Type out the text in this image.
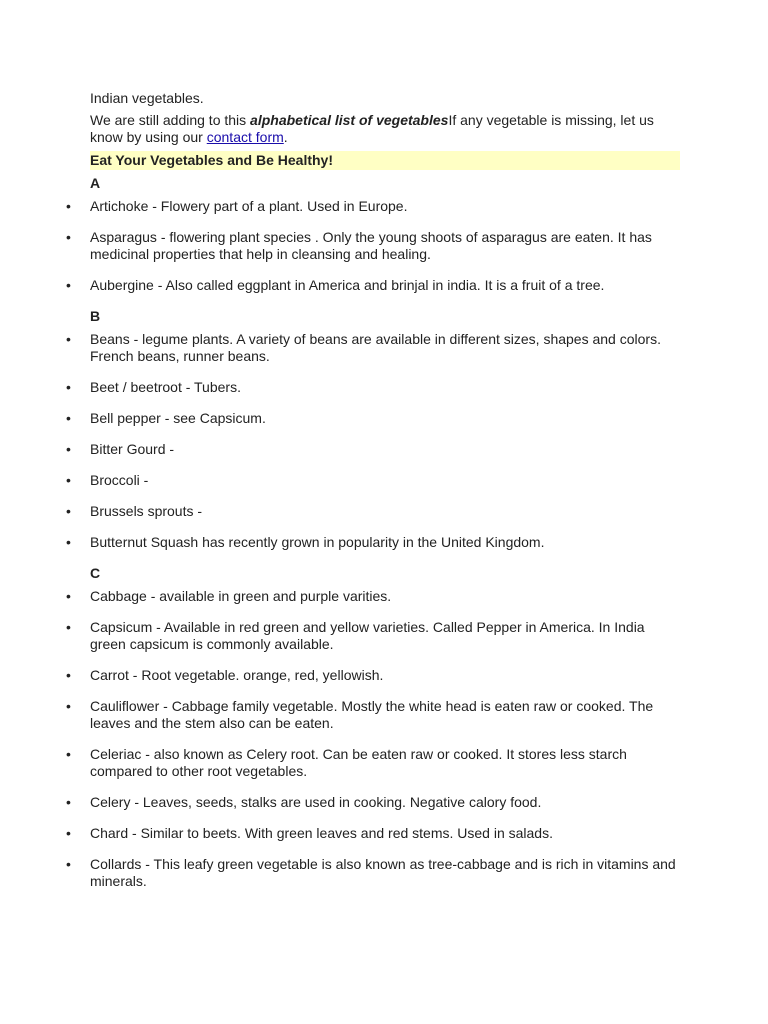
Indian vegetables.

We are still adding to this alphabetical list of vegetablesIf any vegetable is missing, let us know by using our contact form.

Eat Your Vegetables and Be Healthy!
A
• Artichoke - Flowery part of a plant. Used in Europe.
• Asparagus - flowering plant species . Only the young shoots of asparagus are eaten. It has medicinal properties that help in cleansing and healing.
• Aubergine - Also called eggplant in America and brinjal in india. It is a fruit of a tree.
B
• Beans - legume plants. A variety of beans are available in different sizes, shapes and colors. French beans, runner beans.
• Beet / beetroot - Tubers.
• Bell pepper - see Capsicum.
• Bitter Gourd -
• Broccoli -
• Brussels sprouts -
• Butternut Squash has recently grown in popularity in the United Kingdom.
C
• Cabbage - available in green and purple varities.
• Capsicum - Available in red green and yellow varieties. Called Pepper in America. In India green capsicum is commonly available.
• Carrot - Root vegetable. orange, red, yellowish.
• Cauliflower - Cabbage family vegetable. Mostly the white head is eaten raw or cooked. The leaves and the stem also can be eaten.
• Celeriac - also known as Celery root. Can be eaten raw or cooked. It stores less starch compared to other root vegetables.
• Celery - Leaves, seeds, stalks are used in cooking. Negative calory food.
• Chard - Similar to beets. With green leaves and red stems. Used in salads.
• Collards - This leafy green vegetable is also known as tree-cabbage and is rich in vitamins and minerals.
